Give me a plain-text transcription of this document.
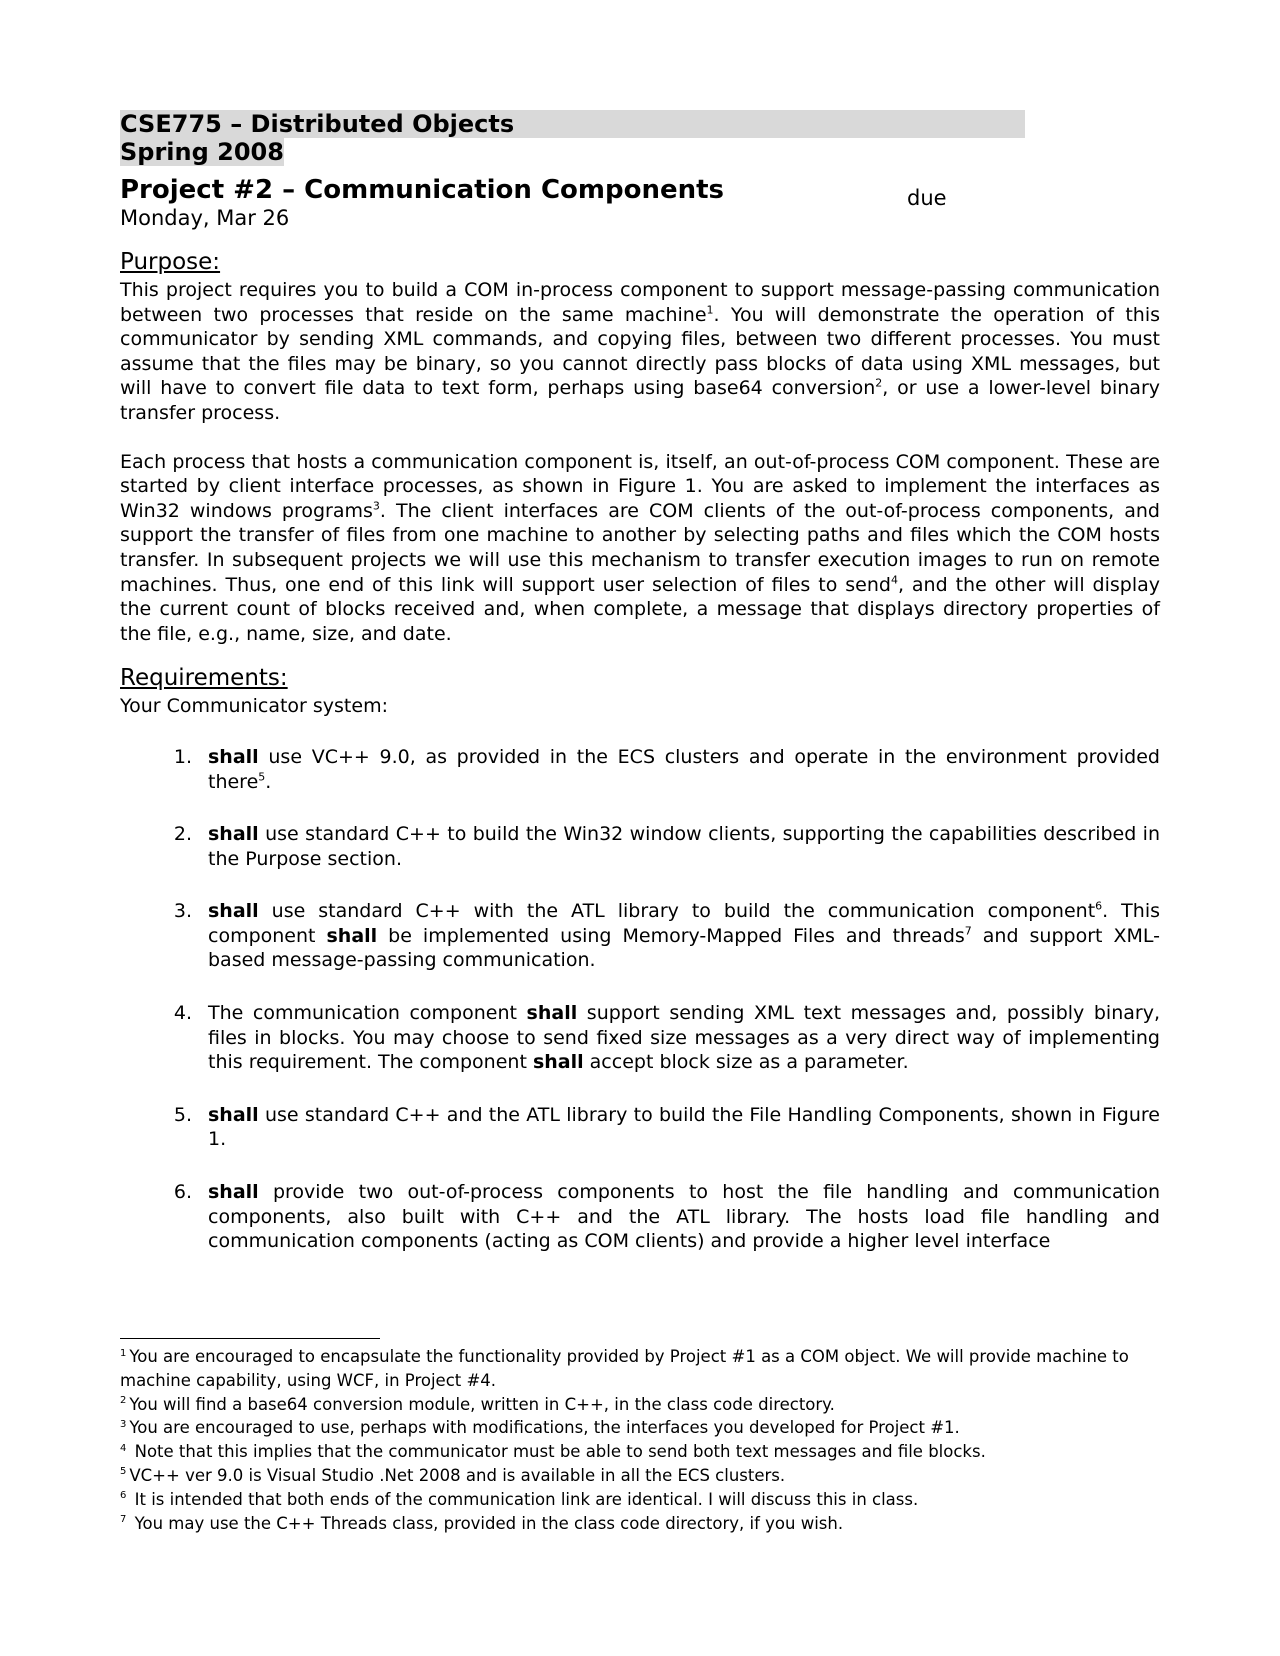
CSE775 – Distributed Objects
Spring 2008
Project #2 – Communication Components
Monday, Mar 26
Purpose:

This project requires you to build a COM in-process component to support message-passing communication between two processes that reside on the same machine$^1$. You will demonstrate the operation of this communicator by sending XML commands, and copying files, between two different processes. You must assume that the files may be binary, so you cannot directly pass blocks of data using XML messages, but will have to convert file data to text form, perhaps using base64 conversion$^2$, or use a lower-level binary transfer process.

Each process that hosts a communication component is, itself, an out-of-process COM component. These are started by client interface processes, as shown in Figure 1. You are asked to implement the interfaces as Win32 windows programs$^3$. The client interfaces are COM clients of the out-of-process components, and support the transfer of files from one machine to another by selecting paths and files which the COM hosts transfer. In subsequent projects we will use this mechanism to transfer execution images to run on remote machines. Thus, one end of this link will support user selection of files to send$^4$, and the other will display the current count of blocks received and, when complete, a message that displays directory properties of the file, e.g., name, size, and date.

Requirements:

Your Communicator system:

1. shall use VC++ 9.0, as provided in the ECS clusters and operate in the environment provided there$^5$.
2. shall use standard C++ to build the Win32 window clients, supporting the capabilities described in the Purpose section.
3. shall use standard C++ with the ATL library to build the communication component$^6$. This component shall be implemented using Memory-Mapped Files and threads$^7$ and support XML-based message-passing communication.
4. The communication component shall support sending XML text messages and, possibly binary, files in blocks. You may choose to send fixed size messages as a very direct way of implementing this requirement. The component shall accept block size as a parameter.
5. shall use standard C++ and the ATL library to build the File Handling Components, shown in Figure 1.
6. shall provide two out-of-process components to host the file handling and communication components, also built with C++ and the ATL library. The hosts load file handling and communication components (acting as COM clients) and provide a higher level interface
due

$^1$ You are encouraged to encapsulate the functionality provided by Project #1 as a COM object. We will provide machine to machine capability, using WCF, in Project #4.

$^2$ You will find a base64 conversion module, written in C++, in the class code directory.

$^3$ You are encouraged to use, perhaps with modifications, the interfaces you developed for Project #1.

$^4$ Note that this implies that the communicator must be able to send both text messages and file blocks.

$^5$ VC++ ver 9.0 is Visual Studio .Net 2008 and is available in all the ECS clusters.

$^6$ It is intended that both ends of the communication link are identical. I will discuss this in class.

$^7$ You may use the C++ Threads class, provided in the class code directory, if you wish.
